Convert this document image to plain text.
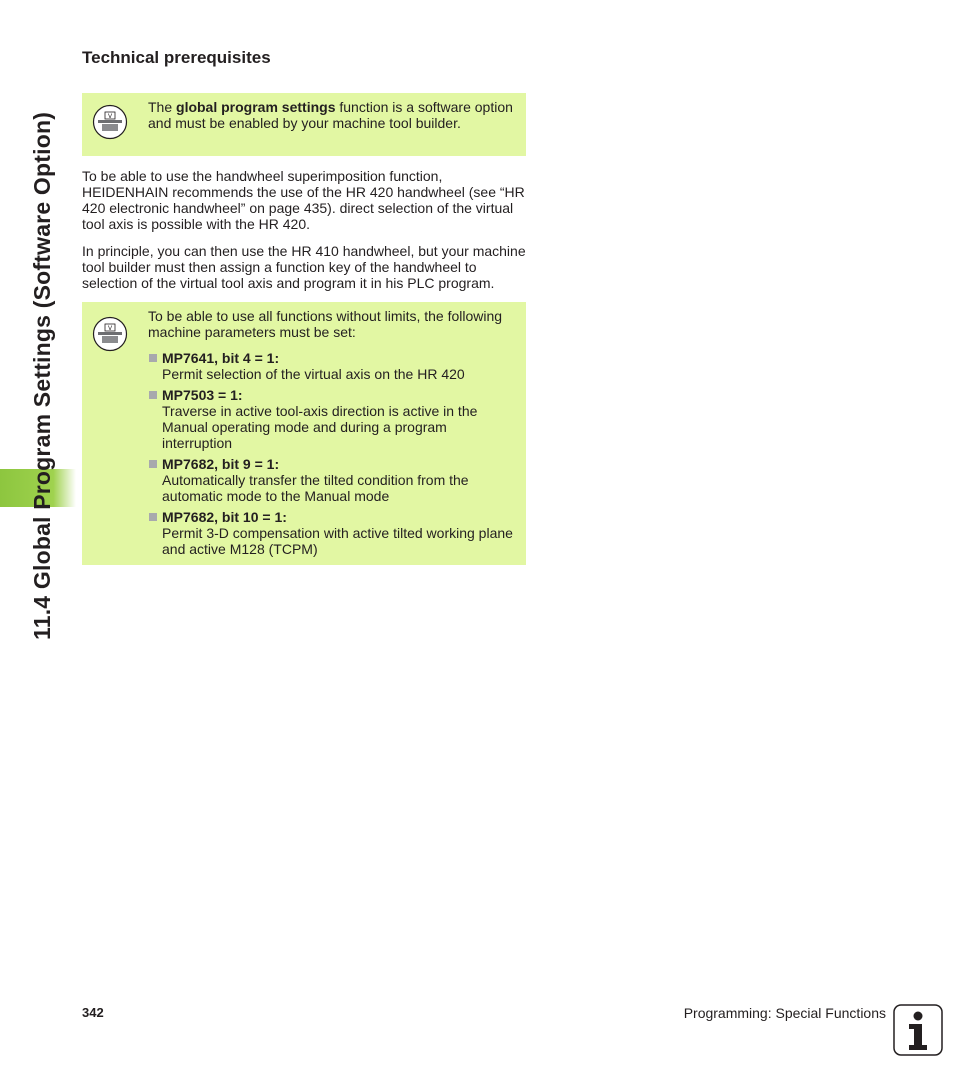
11.4 Global Program Settings (Software Option)
Technical prerequisites
V

The global program settings function is a software option and must be enabled by your machine tool builder.

To be able to use the handwheel superimposition function, HEIDENHAIN recommends the use of the HR 420 handwheel (see “HR 420 electronic handwheel” on page 435). direct selection of the virtual tool axis is possible with the HR 420.

In principle, you can then use the HR 410 handwheel, but your machine tool builder must then assign a function key of the handwheel to selection of the virtual tool axis and program it in his PLC program.

V

To be able to use all functions without limits, the following machine parameters must be set:

MP7641, bit 4 = 1:
Permit selection of the virtual axis on the HR 420
MP7503 = 1:
Traverse in active tool-axis direction is active in the Manual operating mode and during a program interruption
MP7682, bit 9 = 1:
Automatically transfer the tilted condition from the automatic mode to the Manual mode
MP7682, bit 10 = 1:
Permit 3-D compensation with active tilted working plane and active M128 (TCPM)
342	Programming: Special Functions
